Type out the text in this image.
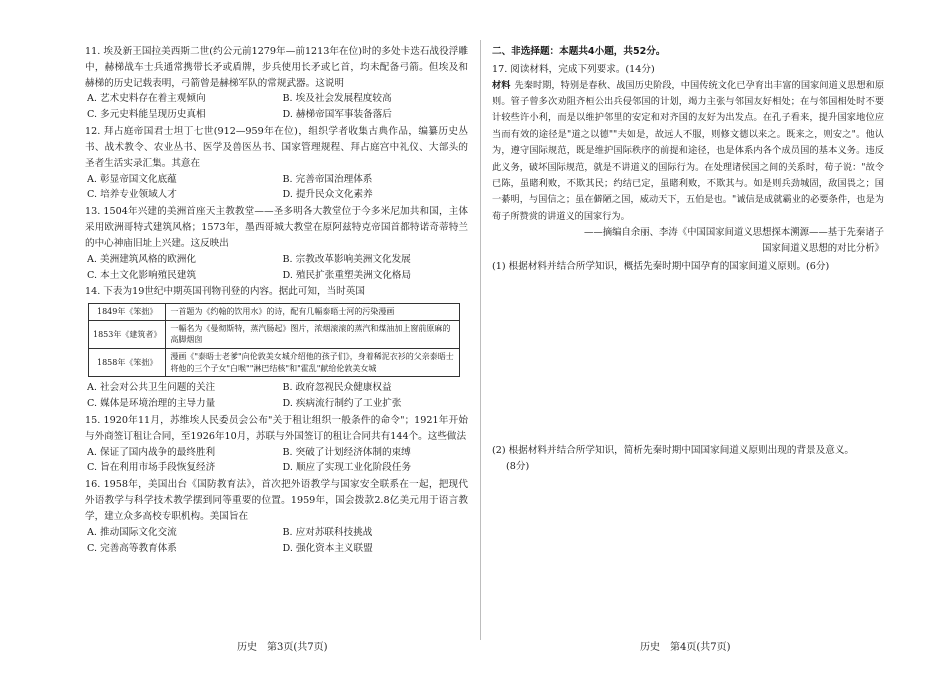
11. 埃及新王国拉美西斯二世(约公元前1279年—前1213年在位)时的多处卡迭石战役浮雕中，赫梯战车士兵通常携带长矛或盾牌，步兵使用长矛或匕首，均未配备弓箭。但埃及和赫梯的历史记载表明，弓箭曾是赫梯军队的常规武器。这说明
A. 艺术史料存在着主观倾向	B. 埃及社会发展程度较高
C. 多元史料能呈现历史真相	D. 赫梯帝国军事装备落后
12. 拜占庭帝国君士坦丁七世(912—959年在位)，组织学者收集古典作品，编纂历史丛书、战术教令、农业丛书、医学及兽医丛书、国家管理规程、拜占庭宫中礼仪、大部头的圣者生活实录汇集。其意在
A. 彰显帝国文化底蕴	B. 完善帝国治理体系
C. 培养专业领域人才	D. 提升民众文化素养
13. 1504年兴建的美洲首座天主教教堂——圣多明各大教堂位于今多米尼加共和国，主体采用欧洲哥特式建筑风格；1573年，墨西哥城大教堂在原阿兹特克帝国首都特诺奇蒂特兰的中心神庙旧址上兴建。这反映出
A. 美洲建筑风格的欧洲化	B. 宗教改革影响美洲文化发展
C. 本土文化影响殖民建筑	D. 殖民扩张重塑美洲文化格局
14. 下表为19世纪中期英国刊物刊登的内容。据此可知，当时英国
1849年《笨拙》	一首题为《约翰的饮用水》的诗，配有几幅泰晤士河的污染漫画
1853年《建筑者》	一幅名为《曼彻斯特，蒸汽肠起》图片，浓烟滚滚的蒸汽和煤油加上窗前原麻的高脚烟囱
1858年《笨拙》	漫画《"泰晤士老爹"向伦敦美女城介绍他的孩子们》，身着稀泥衣衫的父亲泰晤士将他的三个子女"白喉""淋巴结核"和"霍乱"献给伦敦美女城
A. 社会对公共卫生问题的关注	B. 政府忽视民众健康权益
C. 媒体是环境治理的主导力量	D. 疾病流行制约了工业扩张
15. 1920年11月，苏维埃人民委员会公布"关于租让组织一般条件的命令"；1921年开始与外商签订租让合同，至1926年10月，苏联与外国签订的租让合同共有144个。这些做法
A. 保证了国内战争的最终胜利	B. 突破了计划经济体制的束缚
C. 旨在利用市场手段恢复经济	D. 顺应了实现工业化阶段任务
16. 1958年，美国出台《国防教育法》，首次把外语教学与国家安全联系在一起，把现代外语教学与科学技术教学摆到同等重要的位置。1959年，国会拨款2.8亿美元用于语言教学，建立众多高校专职机构。美国旨在
A. 推动国际文化交流	B. 应对苏联科技挑战
C. 完善高等教育体系	D. 强化资本主义联盟
二、非选择题：本题共4小题，共52分。
17. 阅读材料，完成下列要求。(14分)
材料 先秦时期，特别是春秋、战国历史阶段，中国传统文化已孕育出丰富的国家间道义思想和原则。管子曾多次劝阻齐桓公出兵侵邻国的计划，竭力主张与邻国友好相处；在与邻国相处时不要计较些许小利，而是以维护邻里的安定和对齐国的友好为出发点。在孔子看来，提升国家地位应当而有效的途径是"道之以德""夫如是，故远人不服，则修文德以来之。既来之，则安之"。他认为，遵守国际规范，既是维护国际秩序的前提和途径，也是体系内各个成员国的基本义务。违反此义务，破坏国际规范，就是不讲道义的国际行为。在处理诸侯国之间的关系时，荀子说："故令已陈，虽睹利败，不欺其民；约结已定，虽睹利败，不欺其与。如是则兵劲城固，敌国畏之；国一綦明，与国信之；虽在僻陋之国，威动天下，五伯是也。"诚信是成就霸业的必要条件，也是为荀子所赞赏的讲道义的国家行为。
——摘编自余丽、李涛《中国国家间道义思想探本溯源——基于先秦诸子
国家间道义思想的对比分析》
(1) 根据材料并结合所学知识，概括先秦时期中国孕育的国家间道义原则。(6分)
(2) 根据材料并结合所学知识，简析先秦时期中国国家间道义原则出现的背景及意义。
(8分)
历史　第3页(共7页)	历史　第4页(共7页)
